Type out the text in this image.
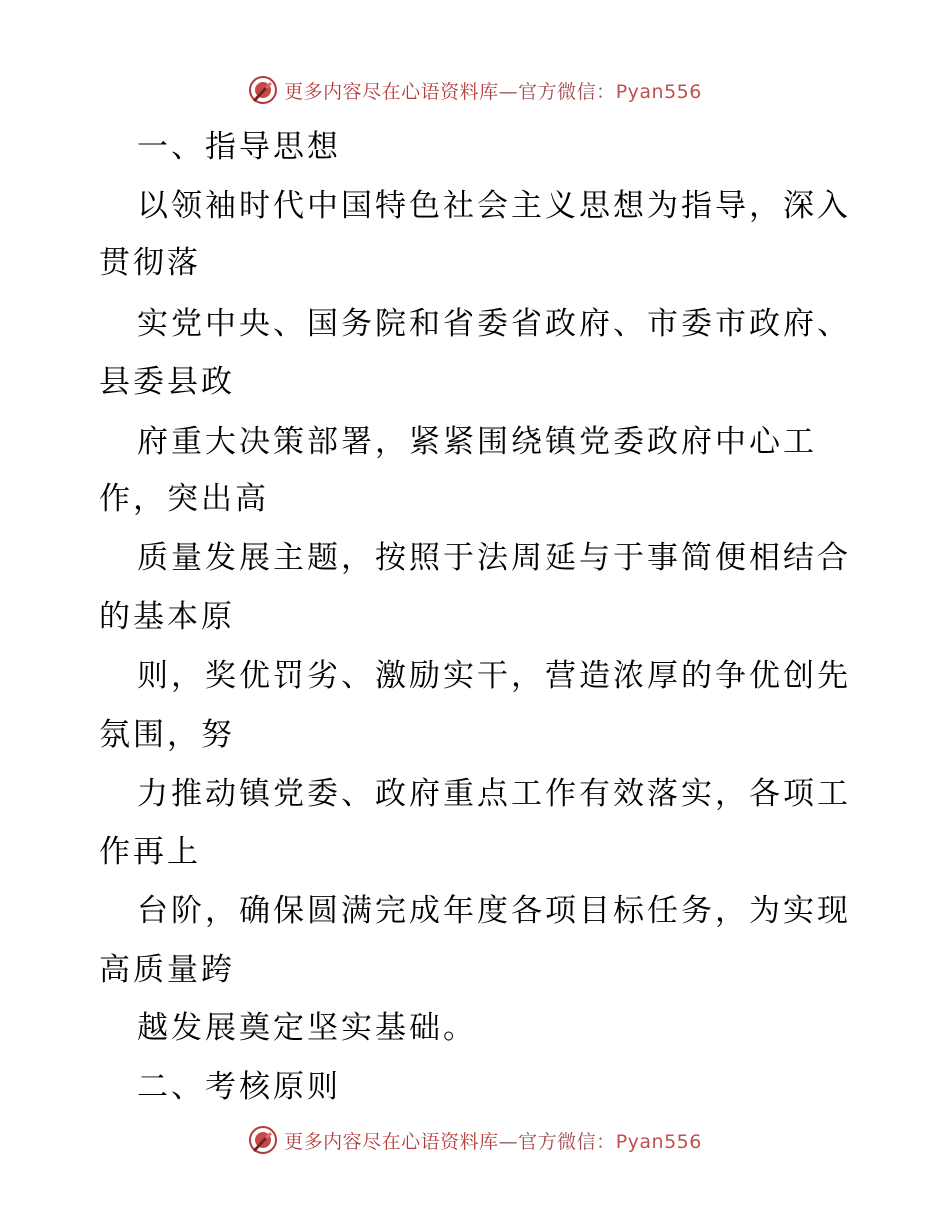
更多内容尽在心语资料库—官方微信：Pyan556
一、指导思想
以领袖时代中国特色社会主义思想为指导，深入
贯彻落
实党中央、国务院和省委省政府、市委市政府、
县委县政
府重大决策部署，紧紧围绕镇党委政府中心工
作，突出高
质量发展主题，按照于法周延与于事简便相结合
的基本原
则，奖优罚劣、激励实干，营造浓厚的争优创先
氛围，努
力推动镇党委、政府重点工作有效落实，各项工
作再上
台阶，确保圆满完成年度各项目标任务，为实现
高质量跨
越发展奠定坚实基础。
二、考核原则
更多内容尽在心语资料库—官方微信：Pyan556
